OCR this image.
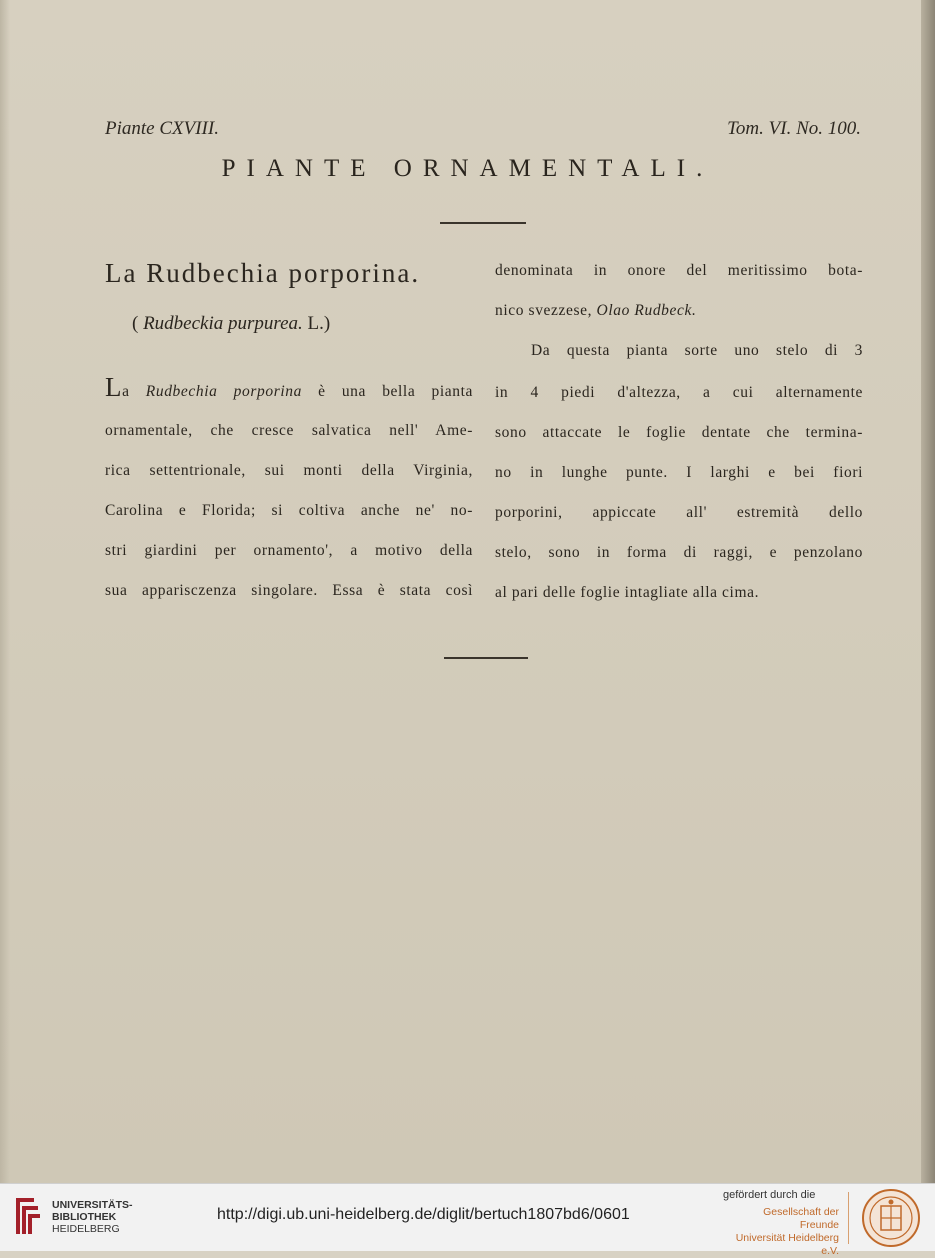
Piante CXVIII.	Tom. VI. No. 100.
PIANTE ORNAMENTALI.
La Rudbechia porporina.
( Rudbeckia purpurea. L.)
La Rudbechia porporina è una bella pianta
ornamentale, che cresce salvatica nell' Ame-
rica settentrionale, sui monti della Virginia,
Carolina e Florida; si coltiva anche ne' no-
stri giardini per ornamento', a motivo della
sua apparisczenza singolare. Essa è stata così
denominata in onore del meritissimo bota-
nico svezzese, Olao Rudbeck.
Da questa pianta sorte uno stelo di 3
in 4 piedi d'altezza, a cui alternamente
sono attaccate le foglie dentate che termina-
no in lunghe punte. I larghi e bei fiori
porporini, appiccate all' estremità dello
stelo, sono in forma di raggi, e penzolano
al pari delle foglie intagliate alla cima.
UNIVERSITÄTS-
BIBLIOTHEK
HEIDELBERG
http://digi.ub.uni-heidelberg.de/diglit/bertuch1807bd6/0601
gefördert durch die
Gesellschaft der Freunde
Universität Heidelberg e.V.
